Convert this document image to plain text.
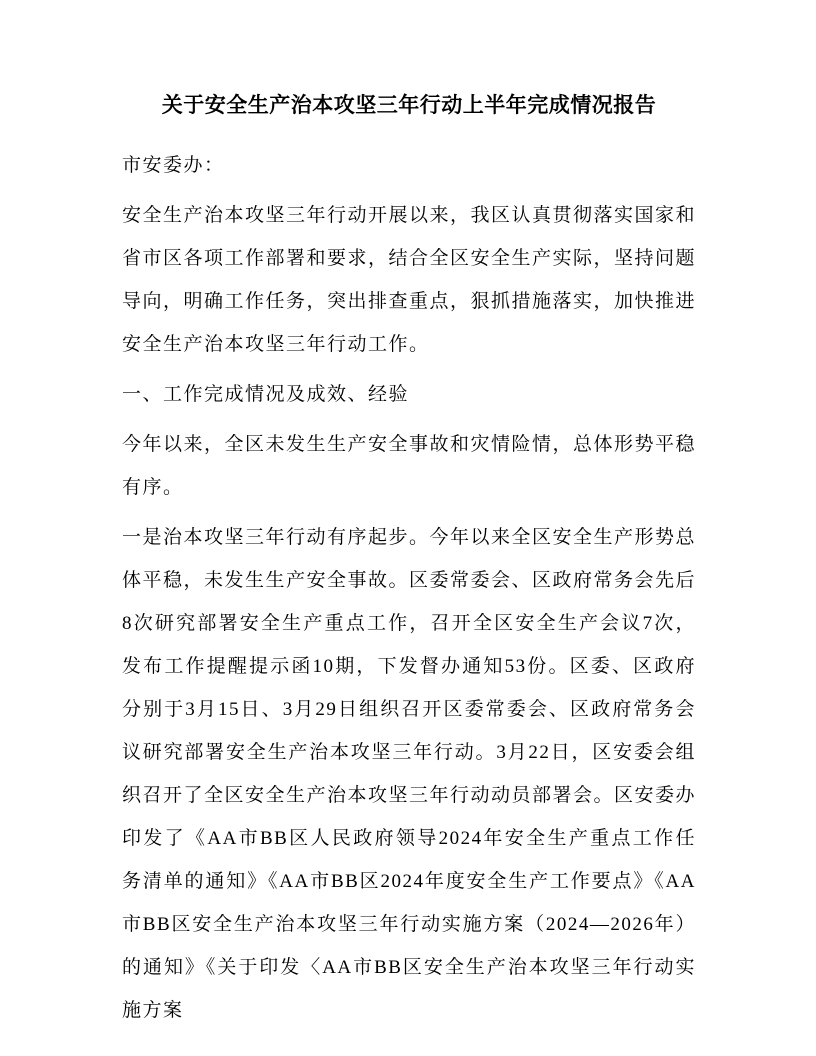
关于安全生产治本攻坚三年行动上半年完成情况报告

市安委办：

安全生产治本攻坚三年行动开展以来，我区认真贯彻落实国家和省市区各项工作部署和要求，结合全区安全生产实际，坚持问题导向，明确工作任务，突出排查重点，狠抓措施落实，加快推进安全生产治本攻坚三年行动工作。

一、工作完成情况及成效、经验

今年以来，全区未发生生产安全事故和灾情险情，总体形势平稳有序。

一是治本攻坚三年行动有序起步。今年以来全区安全生产形势总体平稳，未发生生产安全事故。区委常委会、区政府常务会先后8次研究部署安全生产重点工作，召开全区安全生产会议7次，发布工作提醒提示函10期，下发督办通知53份。区委、区政府分别于3月15日、3月29日组织召开区委常委会、区政府常务会议研究部署安全生产治本攻坚三年行动。3月22日，区安委会组织召开了全区安全生产治本攻坚三年行动动员部署会。区安委办印发了《AA市BB区人民政府领导2024年安全生产重点工作任务清单的通知》《AA市BB区2024年度安全生产工作要点》《AA市BB区安全生产治本攻坚三年行动实施方案（2024—2026年）的通知》《关于印发〈AA市BB区安全生产治本攻坚三年行动实施方案
